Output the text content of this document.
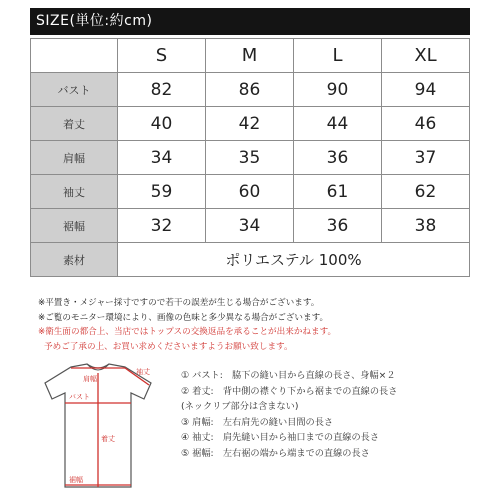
SIZE(単位:約cm)
	S	M	L	XL
バスト	82	86	90	94
着丈	40	42	44	46
肩幅	34	35	36	37
袖丈	59	60	61	62
裾幅	32	34	36	38
素材	ポリエステル 100%			
※平置き・メジャー採寸ですので若干の誤差が生じる場合がございます。
※ご覧のモニター環境により、画像の色味と多少異なる場合がございます。
※衛生面の都合上、当店ではトップスの交換返品を承ることが出来かねます。
予めご了承の上、お買い求めくださいますようお願い致します。
肩幅
袖丈
バスト
着丈
裾幅
① バスト:　脇下の縫い目から直線の長さ、身幅×２
② 着丈:　背中側の襟ぐり下から裾までの直線の長さ
(ネックリブ部分は含まない)
③ 肩幅:　左右肩先の縫い目間の長さ
④ 袖丈:　肩先縫い目から袖口までの直線の長さ
⑤ 裾幅:　左右裾の端から端までの直線の長さ
